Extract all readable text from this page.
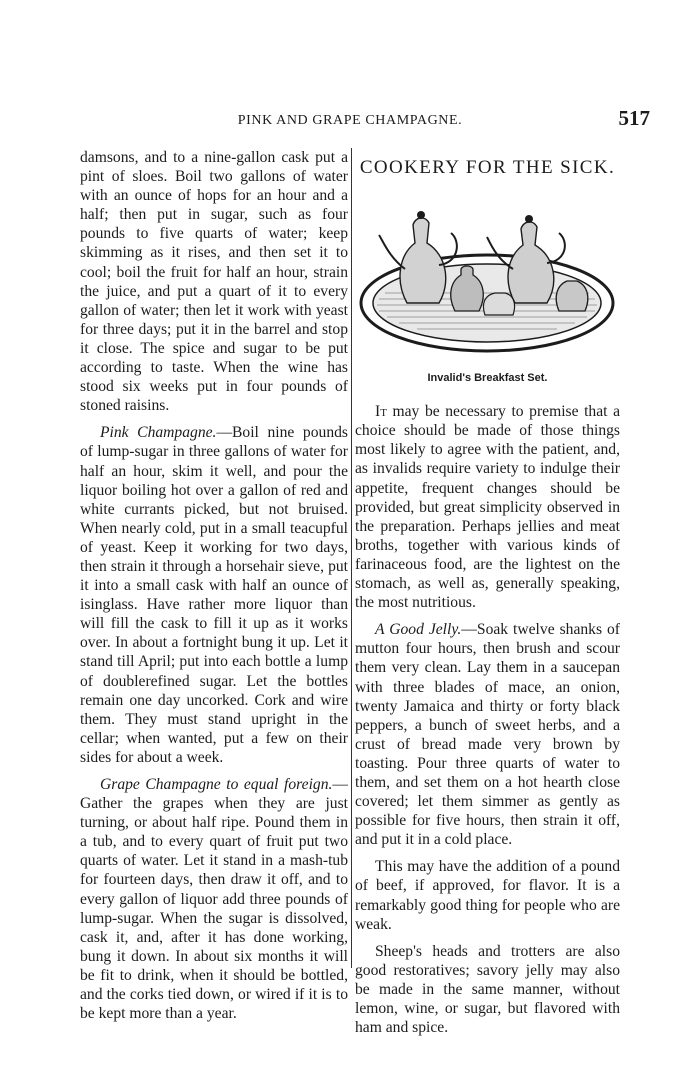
PINK AND GRAPE CHAMPAGNE.	517

damsons, and to a nine-gallon cask put a pint of sloes. Boil two gallons of water with an ounce of hops for an hour and a half; then put in sugar, such as four pounds to five quarts of water; keep skimming as it rises, and then set it to cool; boil the fruit for half an hour, strain the juice, and put a quart of it to every gallon of water; then let it work with yeast for three days; put it in the barrel and stop it close. The spice and sugar to be put according to taste. When the wine has stood six weeks put in four pounds of stoned raisins.

Pink Champagne.—Boil nine pounds of lump-sugar in three gallons of water for half an hour, skim it well, and pour the liquor boiling hot over a gallon of red and white currants picked, but not bruised. When nearly cold, put in a small teacupful of yeast. Keep it working for two days, then strain it through a horsehair sieve, put it into a small cask with half an ounce of isinglass. Have rather more liquor than will fill the cask to fill it up as it works over. In about a fortnight bung it up. Let it stand till April; put into each bottle a lump of doublerefined sugar. Let the bottles remain one day uncorked. Cork and wire them. They must stand upright in the cellar; when wanted, put a few on their sides for about a week.

Grape Champagne to equal foreign.— Gather the grapes when they are just turning, or about half ripe. Pound them in a tub, and to every quart of fruit put two quarts of water. Let it stand in a mash-tub for fourteen days, then draw it off, and to every gallon of liquor add three pounds of lump-sugar. When the sugar is dissolved, cask it, and, after it has done working, bung it down. In about six months it will be fit to drink, when it should be bottled, and the corks tied down, or wired if it is to be kept more than a year.

COOKERY FOR THE SICK.
Invalid's Breakfast Set.

It may be necessary to premise that a choice should be made of those things most likely to agree with the patient, and, as invalids require variety to indulge their appetite, frequent changes should be provided, but great simplicity observed in the preparation. Perhaps jellies and meat broths, together with various kinds of farinaceous food, are the lightest on the stomach, as well as, generally speaking, the most nutritious.

A Good Jelly.—Soak twelve shanks of mutton four hours, then brush and scour them very clean. Lay them in a saucepan with three blades of mace, an onion, twenty Jamaica and thirty or forty black peppers, a bunch of sweet herbs, and a crust of bread made very brown by toasting. Pour three quarts of water to them, and set them on a hot hearth close covered; let them simmer as gently as possible for five hours, then strain it off, and put it in a cold place.

This may have the addition of a pound of beef, if approved, for flavor. It is a remarkably good thing for people who are weak.

Sheep's heads and trotters are also good restoratives; savory jelly may also be made in the same manner, without lemon, wine, or sugar, but flavored with ham and spice.
